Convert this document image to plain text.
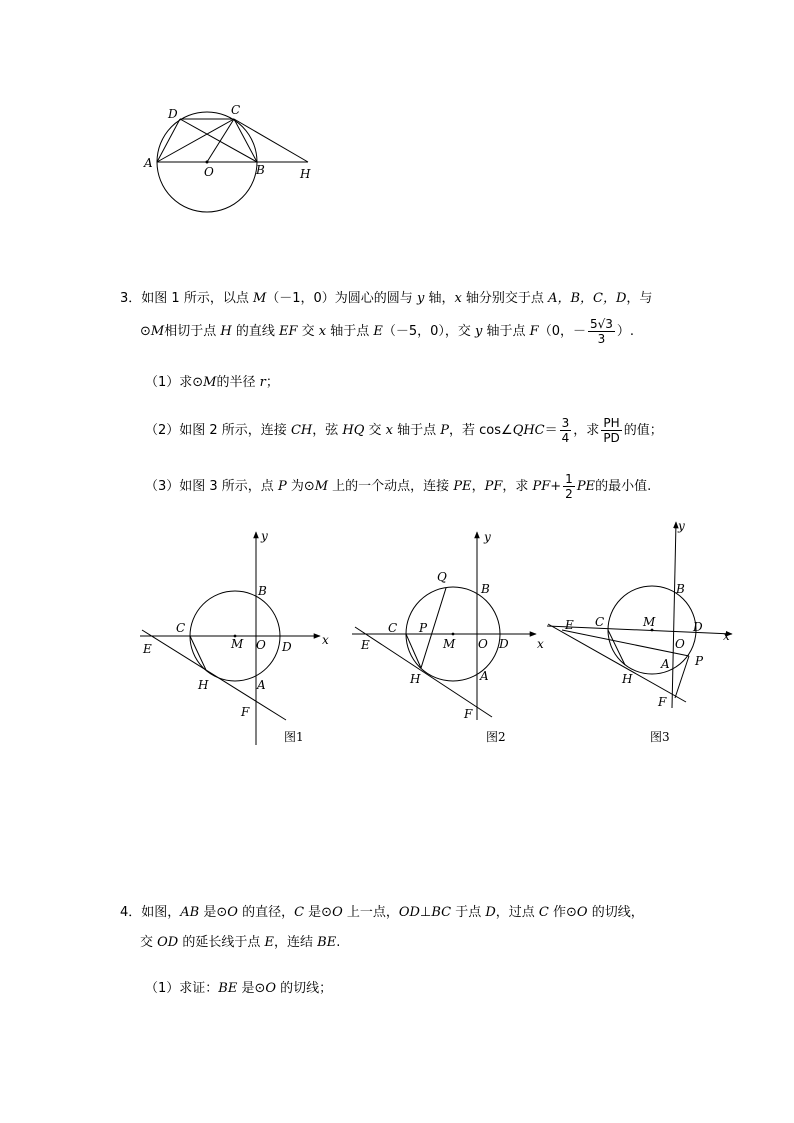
D	C
A
O	B	H
3．如图 1 所示，以点 M（－1，0）为圆心的圆与 y 轴，x 轴分别交于点 A，B，C，D，与
⊙M相切于点 H 的直线 EF 交 x 轴于点 E（－5，0），交 y 轴于点 F（0，－ $\frac{5√3}{3}$ ）.
（1）求⊙M的半径 r；
（2）如图 2 所示，连接 CH，弦 HQ 交 x 轴于点 P，若 cos∠QHC＝ $\frac{3}{4}$ ，求 $\frac{PH}{PD}$ 的值；
（3）如图 3 所示，点 P 为⊙M 上的一个动点，连接 PE，PF，求 $PF+ \frac{1}{2}$ PE的最小值.
y
x
B
C
E	M O D
H	A
F
图1
y
x
Q
B
C P
E	M O D
H	A
F
图2
y
x
B
E C	M	D
O
A P
H
F
图3
4．如图，AB 是⊙O 的直径，C 是⊙O 上一点，OD⊥BC 于点 D，过点 C 作⊙O 的切线，
交 OD 的延长线于点 E，连结 BE.
（1）求证：BE 是⊙O 的切线；
